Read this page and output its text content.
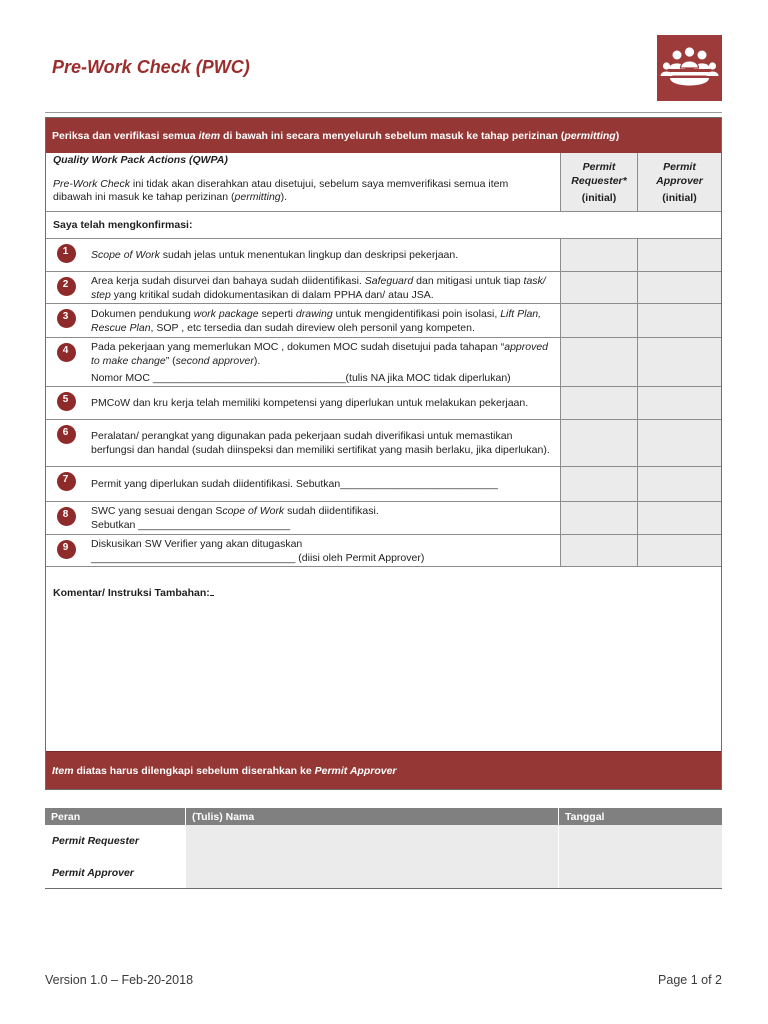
Pre-Work Check (PWC)
Periksa dan verifikasi semua item di bawah ini secara menyeluruh sebelum masuk ke tahap perizinan (permitting)
Quality Work Pack Actions (QWPA)
Pre-Work Check ini tidak akan diserahkan atau disetujui, sebelum saya memverifikasi semua item dibawah ini masuk ke tahap perizinan (permitting).
Permit Requester*
(initial)
Permit Approver
(initial)
Saya telah mengkonfirmasi:
1	Scope of Work sudah jelas untuk menentukan lingkup dan deskripsi pekerjaan.
2	Area kerja sudah disurvei dan bahaya sudah diidentifikasi. Safeguard dan mitigasi untuk tiap task/ step yang kritikal sudah didokumentasikan di dalam PPHA dan/ atau JSA.
3	Dokumen pendukung work package seperti drawing untuk mengidentifikasi poin isolasi, Lift Plan, Rescue Plan, SOP , etc tersedia dan sudah direview oleh personil yang kompeten.
4	Pada pekerjaan yang memerlukan MOC , dokumen MOC sudah disetujui pada tahapan “approved to make change” (second approver).
Nomor MOC _________________________________(tulis NA jika MOC tidak diperlukan)
5	PMCoW dan kru kerja telah memiliki kompetensi yang diperlukan untuk melakukan pekerjaan.
6	Peralatan/ perangkat yang digunakan pada pekerjaan sudah diverifikasi untuk memastikan berfungsi dan handal (sudah diinspeksi dan memiliki sertifikat yang masih berlaku, jika diperlukan).
7	Permit yang diperlukan sudah diidentifikasi. Sebutkan___________________________
8	SWC yang sesuai dengan Scope of Work sudah diidentifikasi.
Sebutkan __________________________
9	Diskusikan SW Verifier yang akan ditugaskan
___________________________________ (diisi oleh Permit Approver)
Komentar/ Instruksi Tambahan:
Item diatas harus dilengkapi sebelum diserahkan ke Permit Approver
Peran	(Tulis) Nama	Tanggal
Permit Requester
Permit Approver
Version 1.0 – Feb-20-2018	Page 1 of 2
